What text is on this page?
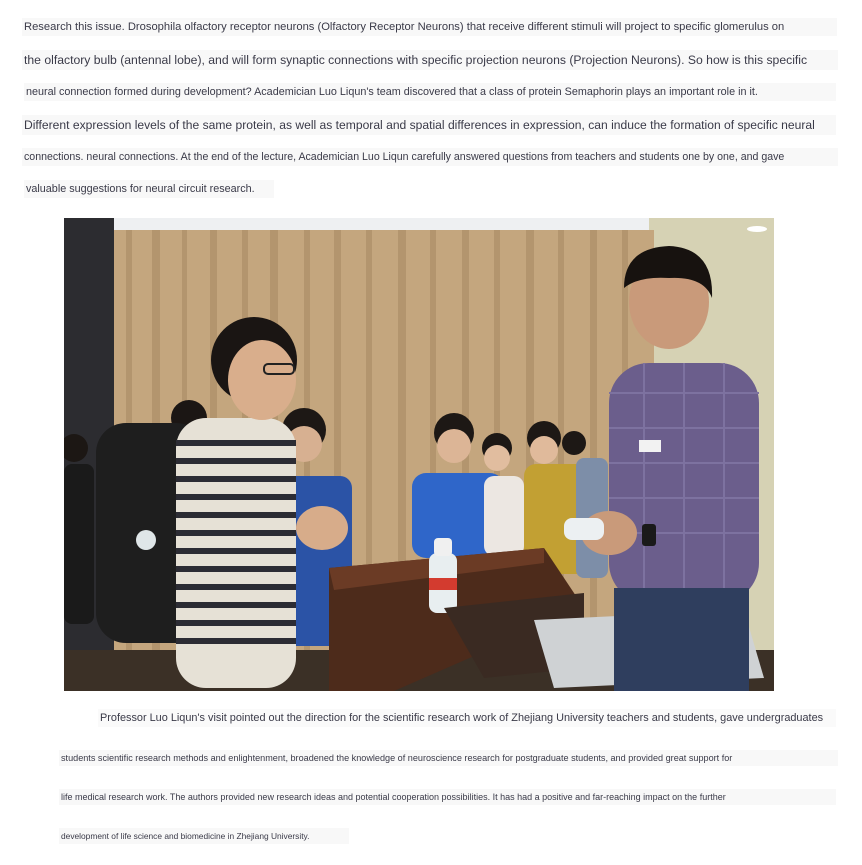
Research this issue. Drosophila olfactory receptor neurons (Olfactory Receptor Neurons) that receive different stimuli will project to specific glomerulus on
the olfactory bulb (antennal lobe), and will form synaptic connections with specific projection neurons (Projection Neurons). So how is this specific
neural connection formed during development? Academician Luo Liqun's team discovered that a class of protein Semaphorin plays an important role in it.
Different expression levels of the same protein, as well as temporal and spatial differences in expression, can induce the formation of specific neural
connections. neural connections. At the end of the lecture, Academician Luo Liqun carefully answered questions from teachers and students one by one, and gave
valuable suggestions for neural circuit research.
Professor Luo Liqun's visit pointed out the direction for the scientific research work of Zhejiang University teachers and students, gave undergraduates
students scientific research methods and enlightenment, broadened the knowledge of neuroscience research for postgraduate students, and provided great support for
life medical research work. The authors provided new research ideas and potential cooperation possibilities. It has had a positive and far-reaching impact on the further
development of life science and biomedicine in Zhejiang University.
